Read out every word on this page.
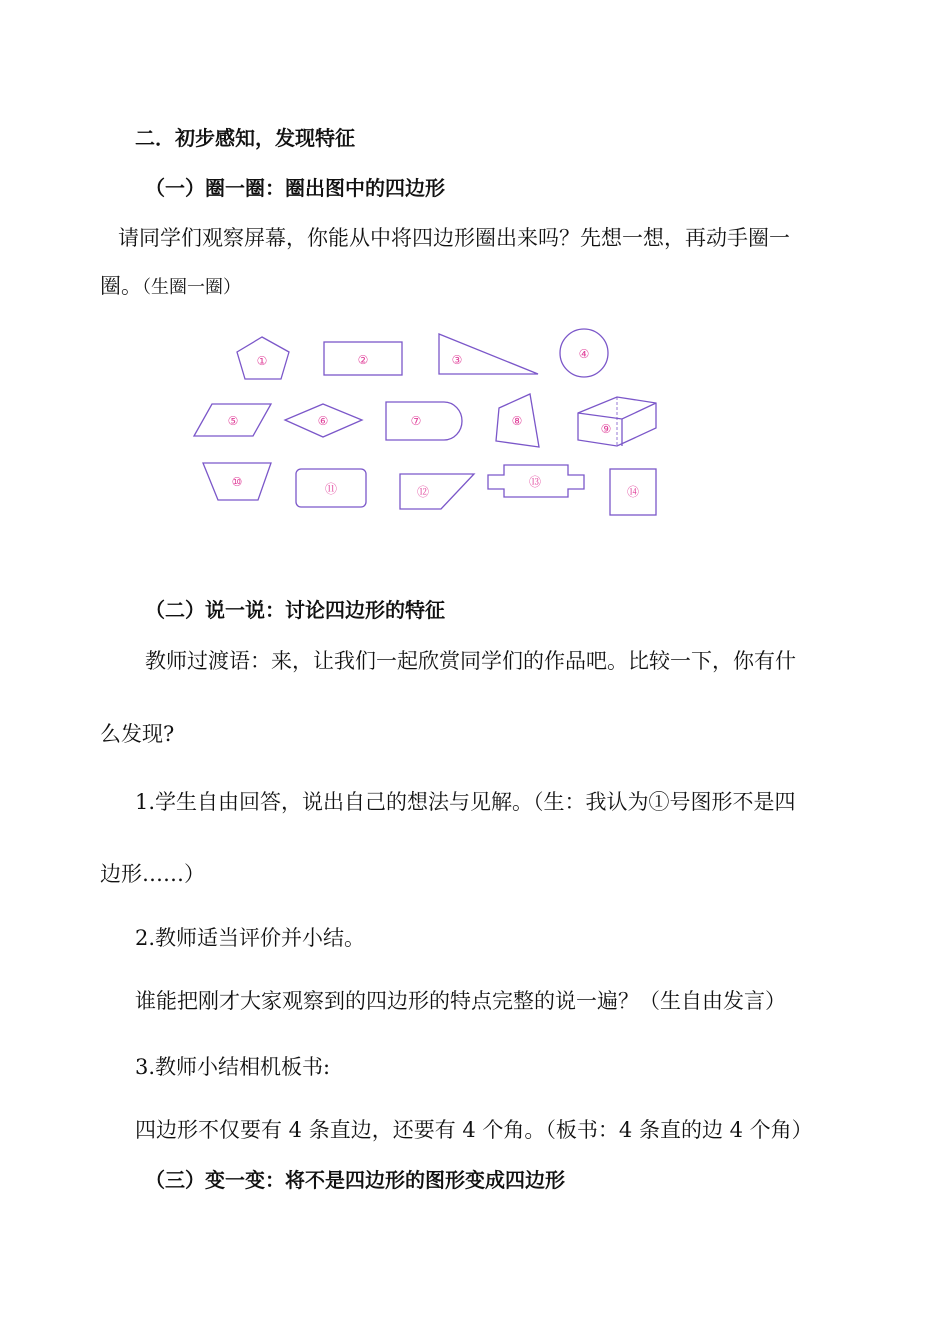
二．初步感知，发现特征
（一）圈一圈：圈出图中的四边形
请同学们观察屏幕，你能从中将四边形圈出来吗？先想一想，再动手圈一
圈。（生圈一圈）
①	②	③	④
⑤	⑥	⑦	⑧
⑨
⑩	⑪	⑫
⑬
⑭
（二）说一说：讨论四边形的特征
教师过渡语：来，让我们一起欣赏同学们的作品吧。比较一下，你有什
么发现?
1.学生自由回答，说出自己的想法与见解。（生：我认为①号图形不是四
边形……）
2.教师适当评价并小结。
谁能把刚才大家观察到的四边形的特点完整的说一遍？（生自由发言）
3.教师小结相机板书:
四边形不仅要有 4 条直边，还要有 4 个角。（板书：4 条直的边 4 个角）
（三）变一变：将不是四边形的图形变成四边形
